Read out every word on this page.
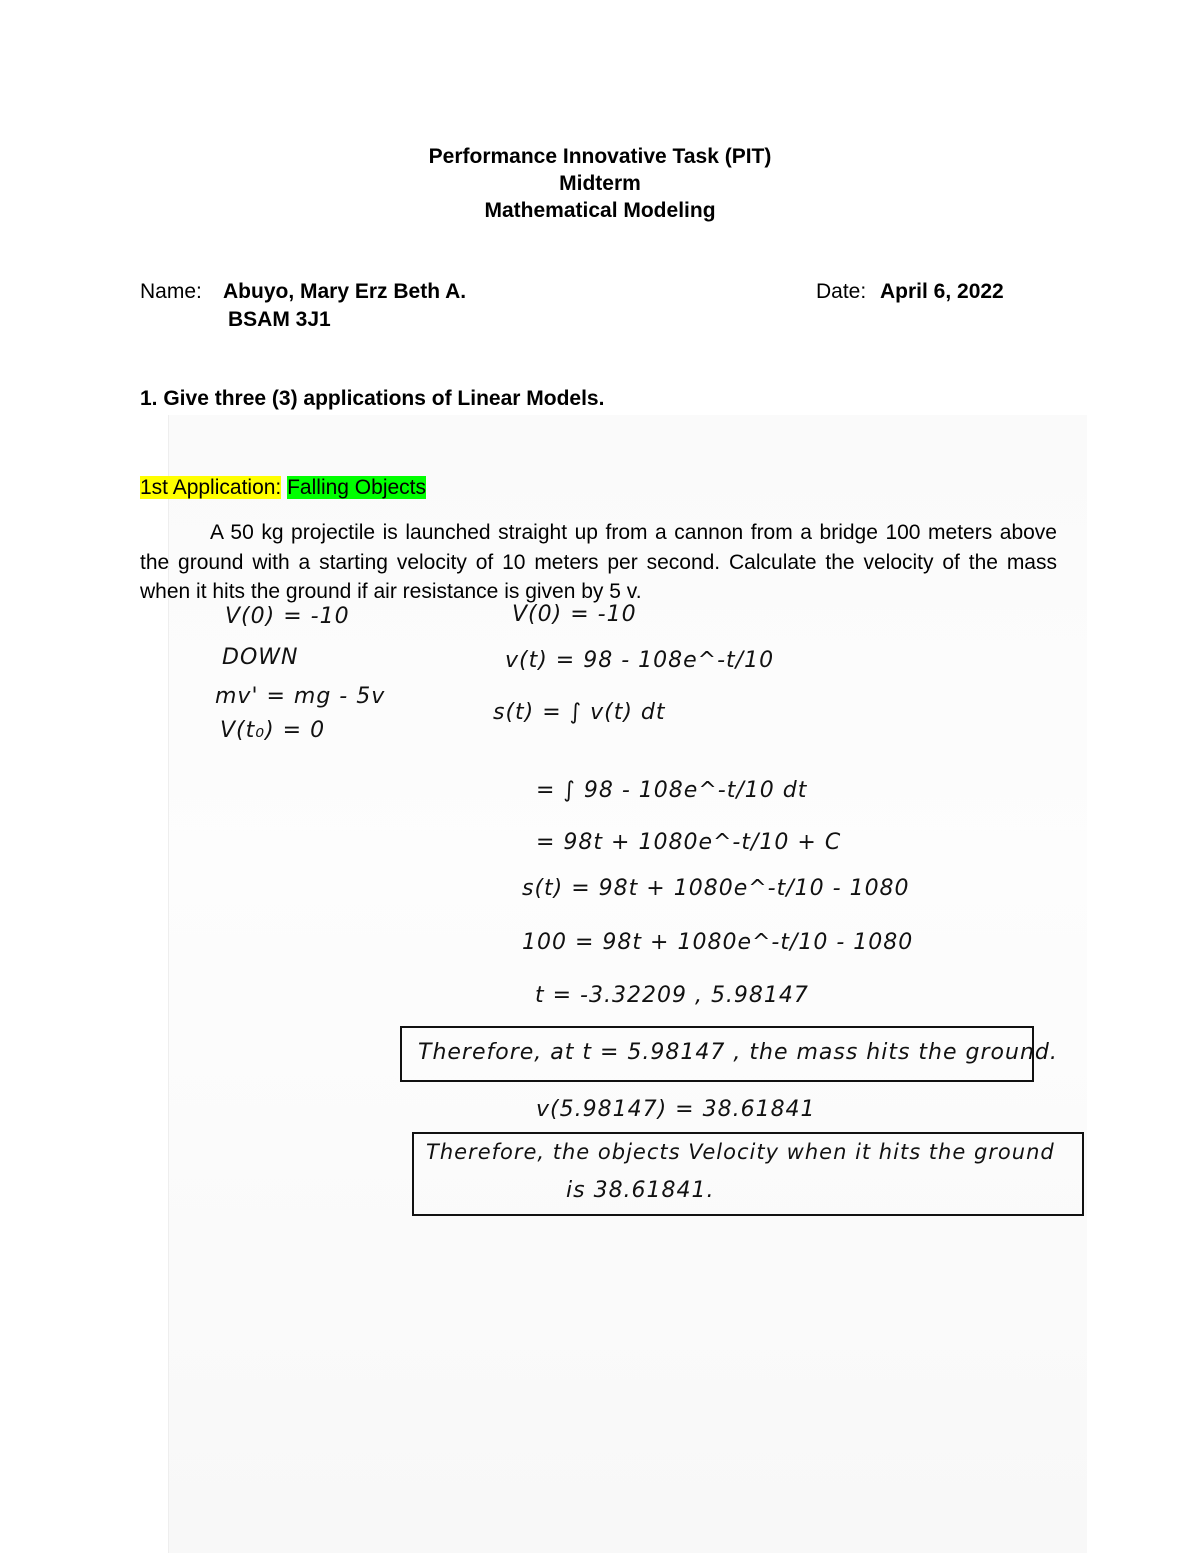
Performance Innovative Task (PIT)
Midterm
Mathematical Modeling
Name: Abuyo, Mary Erz Beth A.
BSAM 3J1
Date: April 6, 2022
1. Give three (3) applications of Linear Models.
1st Application: Falling Objects
A 50 kg projectile is launched straight up from a cannon from a bridge 100 meters above the ground with a starting velocity of 10 meters per second. Calculate the velocity of the mass when it hits the ground if air resistance is given by 5 v.
V(0) = -10
DOWN
mv' = mg - 5v
V(t₀) = 0
V(0) = -10
v(t) = 98 - 108e^-t/10
s(t) = ∫ v(t) dt
= ∫ 98 - 108e^-t/10 dt
= 98t + 1080e^-t/10 + C
s(t) = 98t + 1080e^-t/10 - 1080
100 = 98t + 1080e^-t/10 - 1080
t = -3.32209 , 5.98147
Therefore, at t = 5.98147 , the mass hits the ground.
v(5.98147) = 38.61841
Therefore, the objects Velocity when it hits the ground
is 38.61841.
